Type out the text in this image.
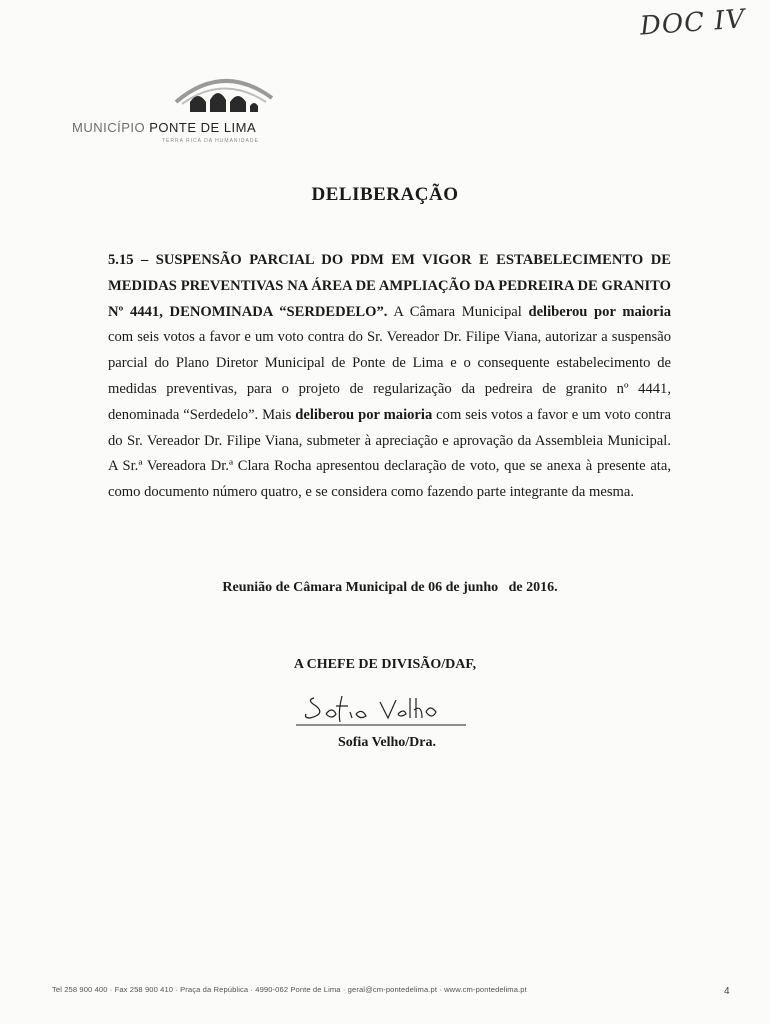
DOC IV
MUNICÍPIO PONTE DE LIMA
TERRA RICA DA HUMANIDADE
DELIBERAÇÃO
5.15 – SUSPENSÃO PARCIAL DO PDM EM VIGOR E ESTABELECIMENTO DE MEDIDAS PREVENTIVAS NA ÁREA DE AMPLIAÇÃO DA PEDREIRA DE GRANITO Nº 4441, DENOMINADA “SERDEDELO”. A Câmara Municipal deliberou por maioria com seis votos a favor e um voto contra do Sr. Vereador Dr. Filipe Viana, autorizar a suspensão parcial do Plano Diretor Municipal de Ponte de Lima e o consequente estabelecimento de medidas preventivas, para o projeto de regularização da pedreira de granito nº 4441, denominada “Serdedelo”. Mais deliberou por maioria com seis votos a favor e um voto contra do Sr. Vereador Dr. Filipe Viana, submeter à apreciação e aprovação da Assembleia Municipal. A Sr.ª Vereadora Dr.ª Clara Rocha apresentou declaração de voto, que se anexa à presente ata, como documento número quatro, e se considera como fazendo parte integrante da mesma.
Reunião de Câmara Municipal de 06 de junho   de 2016.
A CHEFE DE DIVISÃO/DAF,
Sofia Velho/Dra.
Tel 258 900 400 · Fax 258 900 410 · Praça da República · 4990-062 Ponte de Lima · geral@cm-pontedelima.pt · www.cm-pontedelima.pt	4
